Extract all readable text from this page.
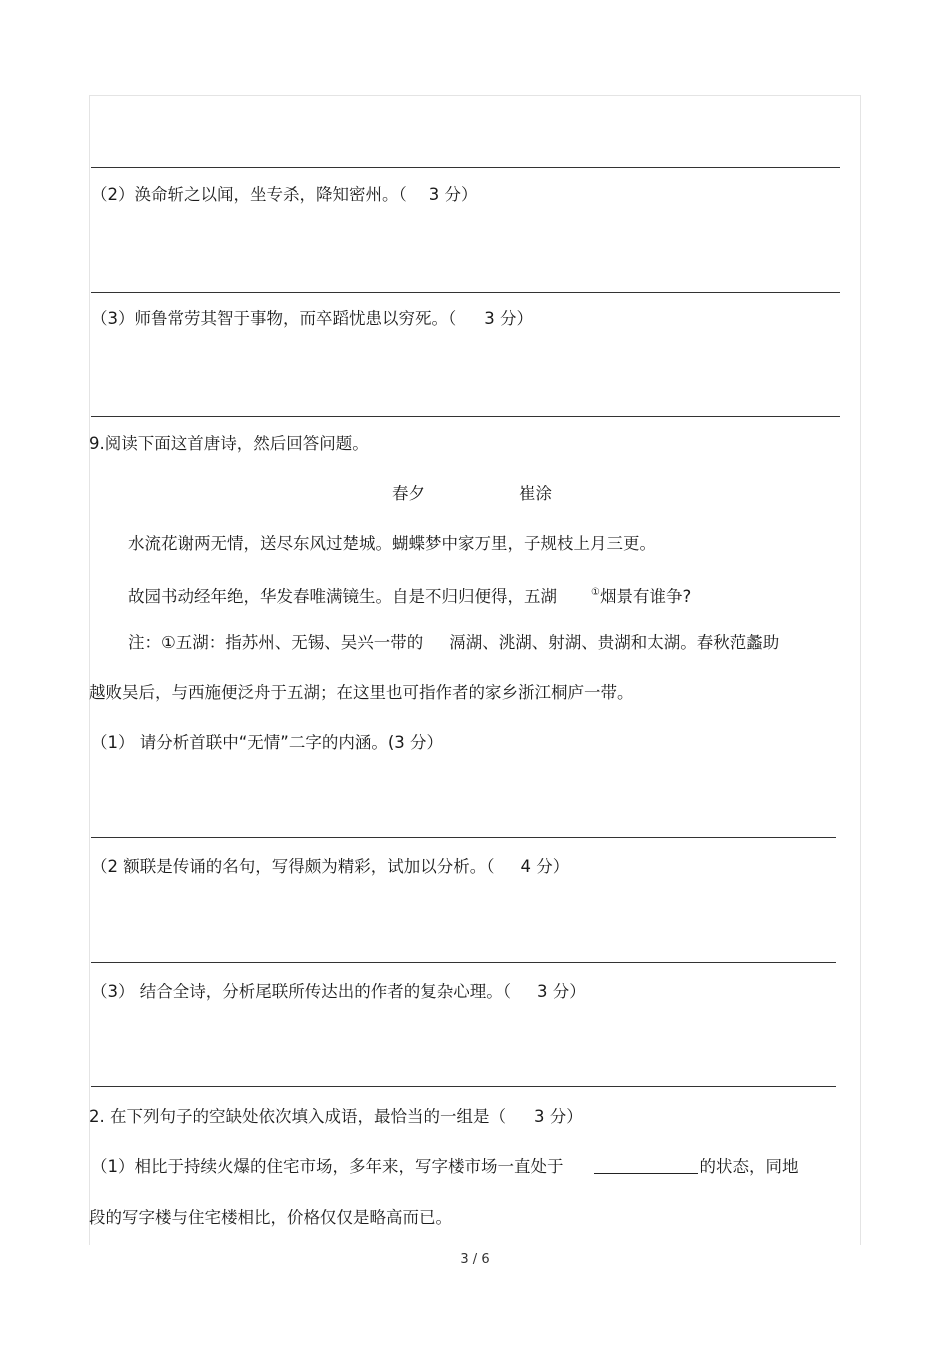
（2）涣命斩之以闻，坐专杀，降知密州。（ 3 分）
（3）师鲁常劳其智于事物，而卒蹈忧患以穷死。（ 3 分）
9.阅读下面这首唐诗，然后回答问题。
春夕	崔涂
水流花谢两无情，送尽东风过楚城。蝴蝶梦中家万里，子规枝上月三更。
故园书动经年绝，华发春唯满镜生。自是不归归便得，五湖	①烟景有谁争?
注：①五湖：指苏州、无锡、吴兴一带的 滆湖、洮湖、射湖、贵湖和太湖。春秋范蠡助
越败吴后，与西施便泛舟于五湖；在这里也可指作者的家乡浙江桐庐一带。
（1） 请分析首联中“无情”二字的内涵。(3 分）
（2 额联是传诵的名句，写得颇为精彩，试加以分析。（ 4 分）
（3） 结合全诗，分析尾联所传达出的作者的复杂心理。（ 3 分）
2. 在下列句子的空缺处依次填入成语，最恰当的一组是（ 3 分）
（1）相比于持续火爆的住宅市场，多年来，写字楼市场一直处于	的状态，同地
段的写字楼与住宅楼相比，价格仅仅是略高而已。
3 / 6
